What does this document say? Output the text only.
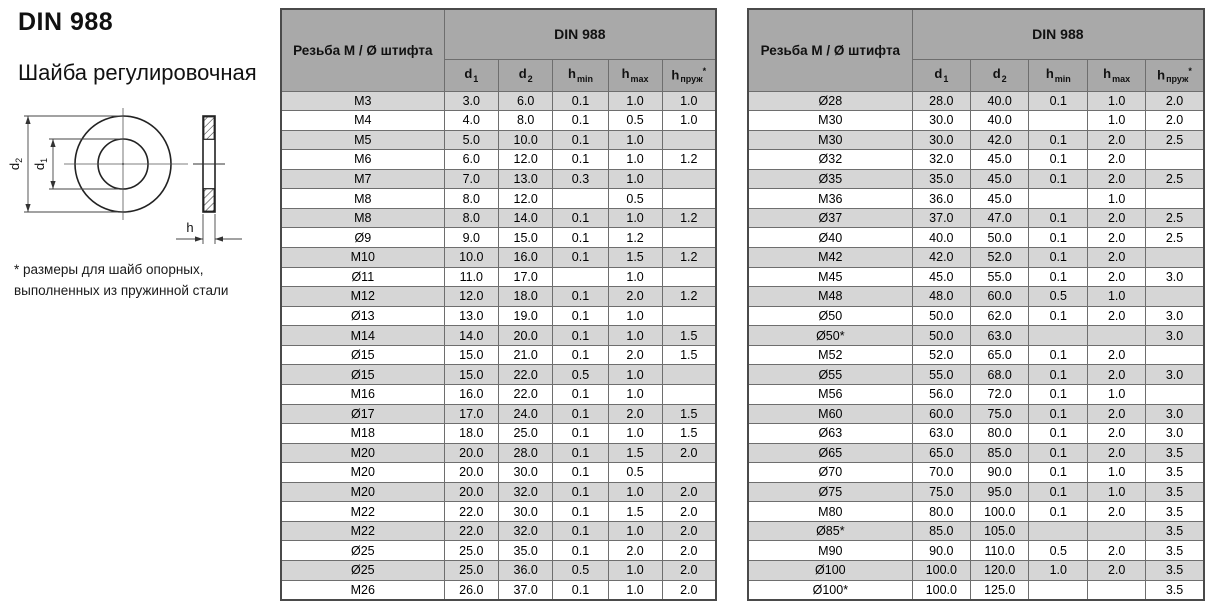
DIN 988
Шайба регулировочная
$d_2$
$d_1$
h
* размеры для шайб опорных,
выполненных из пружинной стали
Резьба М / Ø штифта	DIN 988				
	$d_1$	$d_2$	$h_{min}$	$h_{max}$	$h_{пруж}^*$
M3	3.0	6.0	0.1	1.0	1.0
M4	4.0	8.0	0.1	0.5	1.0
M5	5.0	10.0	0.1	1.0	
M6	6.0	12.0	0.1	1.0	1.2
M7	7.0	13.0	0.3	1.0	
M8	8.0	12.0		0.5	
M8	8.0	14.0	0.1	1.0	1.2
Ø9	9.0	15.0	0.1	1.2	
M10	10.0	16.0	0.1	1.5	1.2
Ø11	11.0	17.0		1.0	
M12	12.0	18.0	0.1	2.0	1.2
Ø13	13.0	19.0	0.1	1.0	
M14	14.0	20.0	0.1	1.0	1.5
Ø15	15.0	21.0	0.1	2.0	1.5
Ø15	15.0	22.0	0.5	1.0	
M16	16.0	22.0	0.1	1.0	
Ø17	17.0	24.0	0.1	2.0	1.5
M18	18.0	25.0	0.1	1.0	1.5
M20	20.0	28.0	0.1	1.5	2.0
M20	20.0	30.0	0.1	0.5	
M20	20.0	32.0	0.1	1.0	2.0
M22	22.0	30.0	0.1	1.5	2.0
M22	22.0	32.0	0.1	1.0	2.0
Ø25	25.0	35.0	0.1	2.0	2.0
Ø25	25.0	36.0	0.5	1.0	2.0
M26	26.0	37.0	0.1	1.0	2.0
Резьба М / Ø штифта	DIN 988				
	$d_1$	$d_2$	$h_{min}$	$h_{max}$	$h_{пруж}^*$
Ø28	28.0	40.0	0.1	1.0	2.0
M30	30.0	40.0		1.0	2.0
M30	30.0	42.0	0.1	2.0	2.5
Ø32	32.0	45.0	0.1	2.0	
Ø35	35.0	45.0	0.1	2.0	2.5
M36	36.0	45.0		1.0	
Ø37	37.0	47.0	0.1	2.0	2.5
Ø40	40.0	50.0	0.1	2.0	2.5
M42	42.0	52.0	0.1	2.0	
M45	45.0	55.0	0.1	2.0	3.0
M48	48.0	60.0	0.5	1.0	
Ø50	50.0	62.0	0.1	2.0	3.0
Ø50*	50.0	63.0			3.0
M52	52.0	65.0	0.1	2.0	
Ø55	55.0	68.0	0.1	2.0	3.0
M56	56.0	72.0	0.1	1.0	
M60	60.0	75.0	0.1	2.0	3.0
Ø63	63.0	80.0	0.1	2.0	3.0
Ø65	65.0	85.0	0.1	2.0	3.5
Ø70	70.0	90.0	0.1	1.0	3.5
Ø75	75.0	95.0	0.1	1.0	3.5
M80	80.0	100.0	0.1	2.0	3.5
Ø85*	85.0	105.0			3.5
M90	90.0	110.0	0.5	2.0	3.5
Ø100	100.0	120.0	1.0	2.0	3.5
Ø100*	100.0	125.0			3.5
